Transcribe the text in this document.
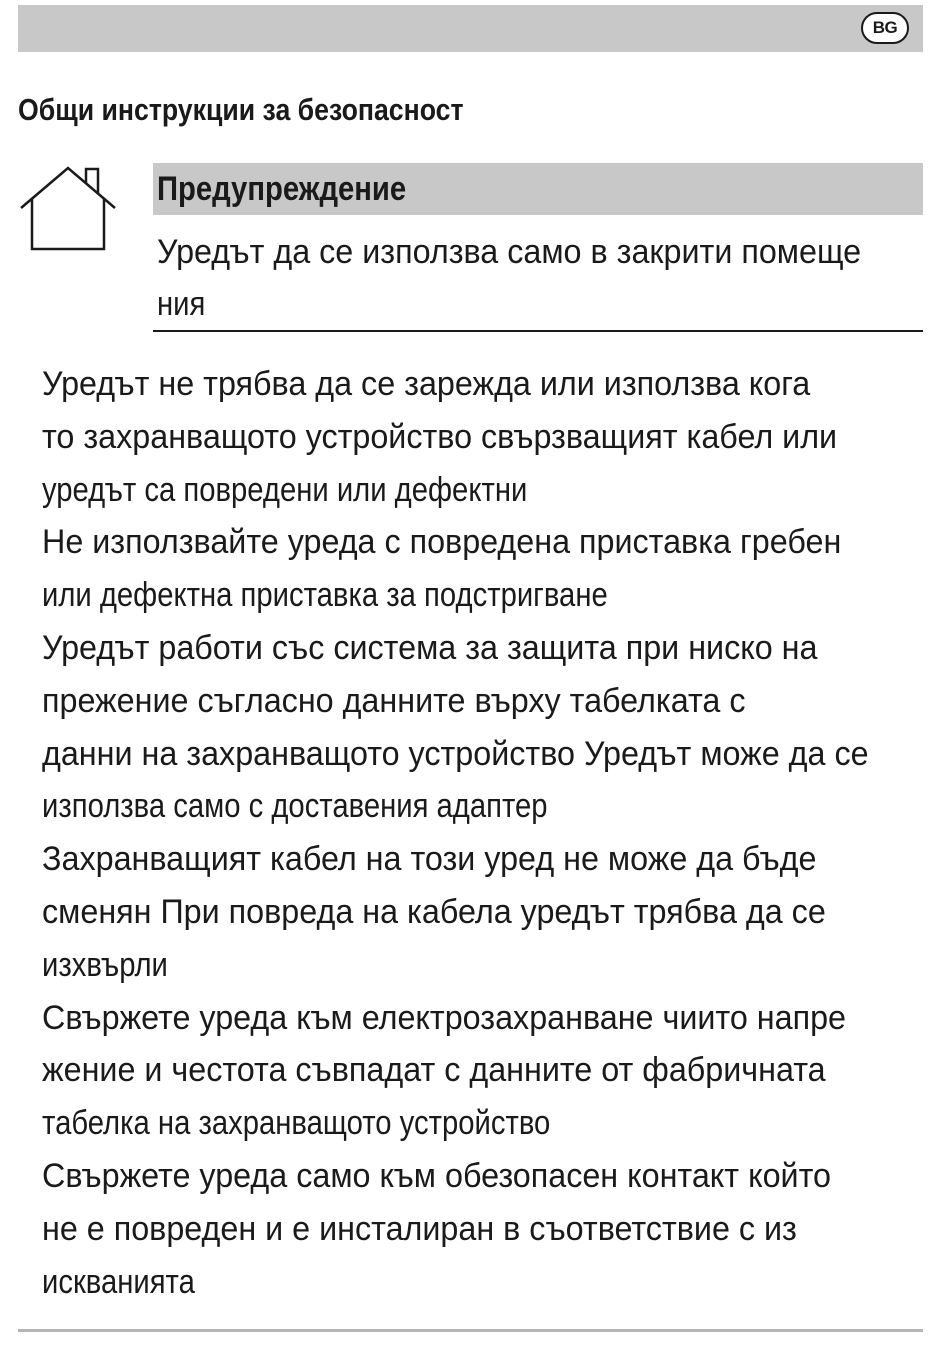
BG
Общи инструкции за безопасност
Предупреждение
Уредът да се използва само в закрити помеще
ния
Уредът не трябва да се зарежда или използва кога
то захранващото устройство свързващият кабел или
уредът са повредени или дефектни
Не използвайте уреда с повредена приставка гребен
или дефектна приставка за подстригване
Уредът работи със система за защита при ниско на
прежение съгласно данните върху табелката с
данни на захранващото устройство Уредът може да се
използва само с доставения адаптер
Захранващият кабел на този уред не може да бъде
сменян При повреда на кабела уредът трябва да се
изхвърли
Свържете уреда към електрозахранване чиито напре
жение и честота съвпадат с данните от фабричната
табелка на захранващото устройство
Свържете уреда само към обезопасен контакт който
не е повреден и е инсталиран в съответствие с из
искванията
